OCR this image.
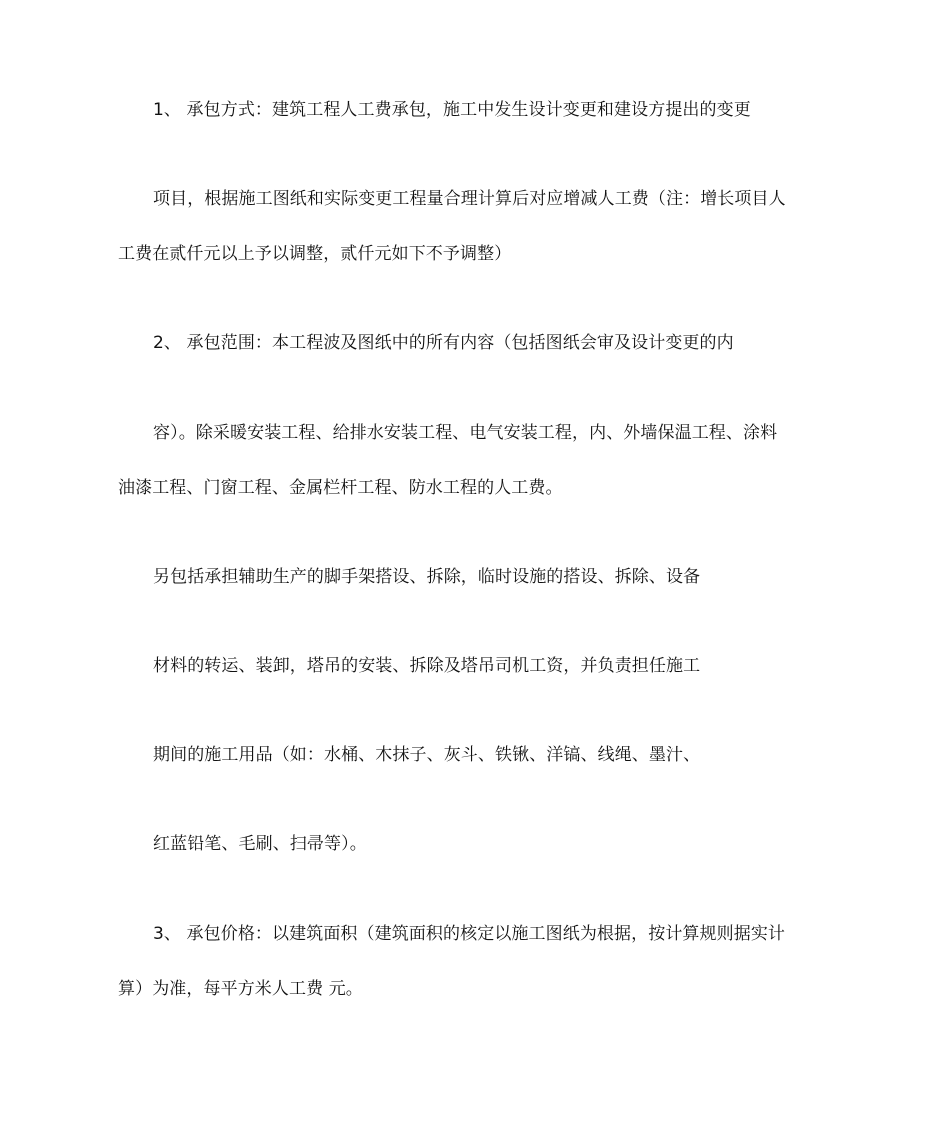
1、 承包方式：建筑工程人工费承包，施工中发生设计变更和建设方提出的变更
项目，根据施工图纸和实际变更工程量合理计算后对应增减人工费（注：增长项目人
工费在贰仟元以上予以调整，贰仟元如下不予调整）
2、 承包范围：本工程波及图纸中的所有内容（包括图纸会审及设计变更的内
容）。除采暖安装工程、给排水安装工程、电气安装工程，内、外墙保温工程、涂料
油漆工程、门窗工程、金属栏杆工程、防水工程的人工费。
另包括承担辅助生产的脚手架搭设、拆除，临时设施的搭设、拆除、设备
材料的转运、装卸，塔吊的安装、拆除及塔吊司机工资，并负责担任施工
期间的施工用品（如：水桶、木抹子、灰斗、铁锹、洋镐、线绳、墨汁、
红蓝铅笔、毛刷、扫帚等）。
3、 承包价格：以建筑面积（建筑面积的核定以施工图纸为根据，按计算规则据实计
算）为准，每平方米人工费 元。
